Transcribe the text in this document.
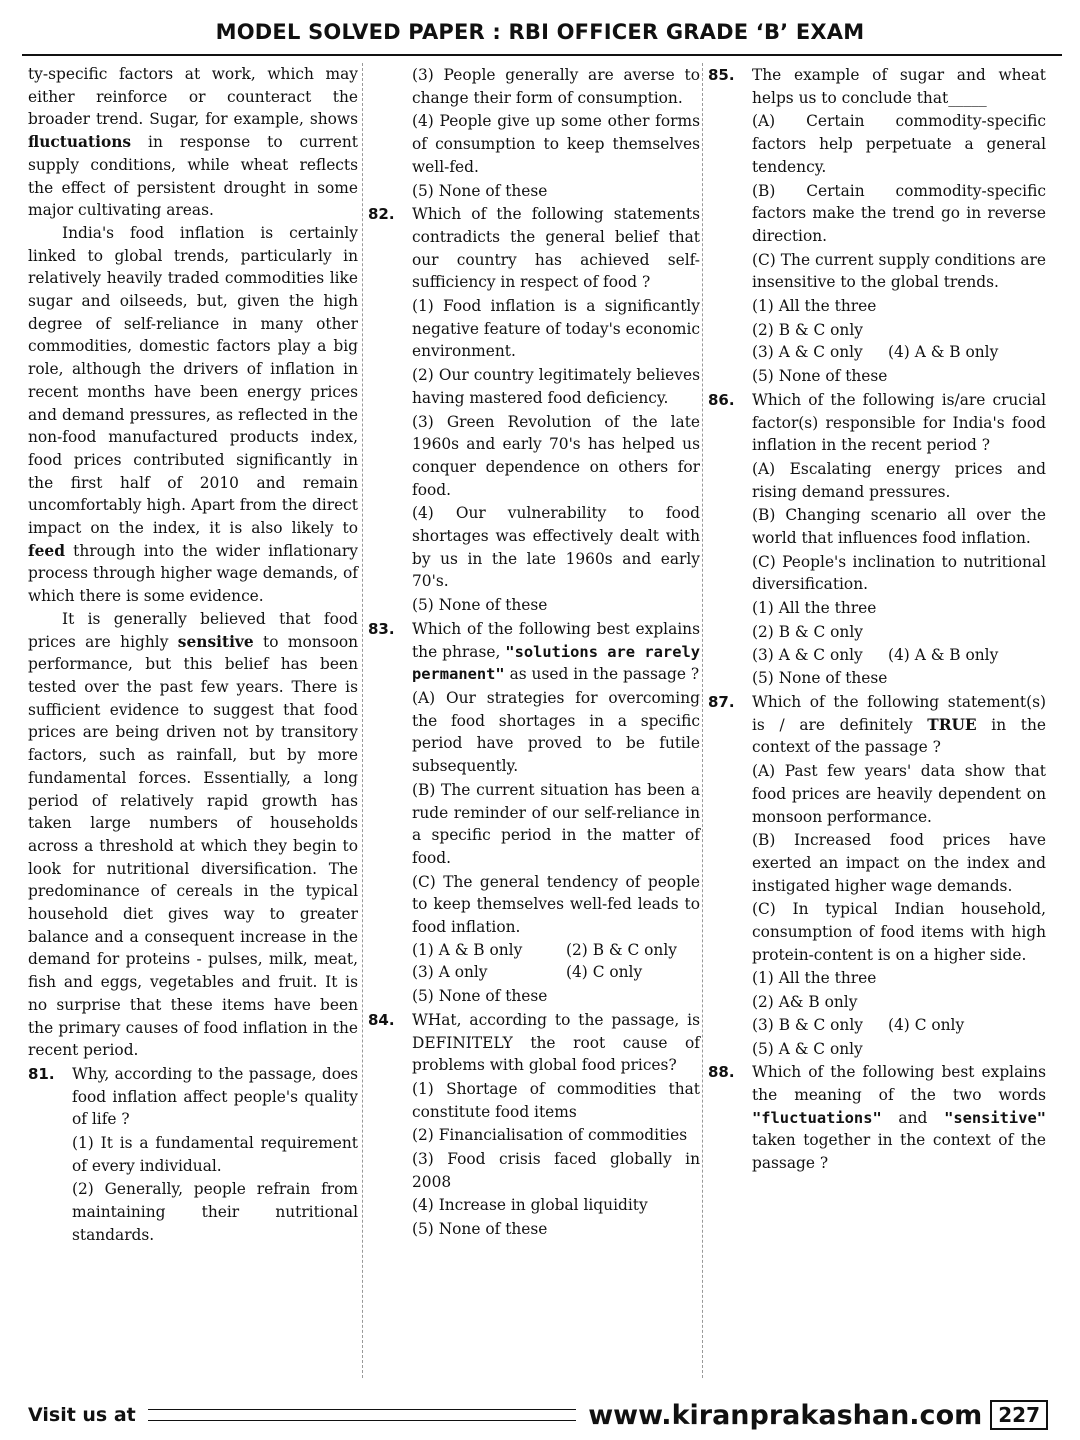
MODEL SOLVED PAPER : RBI OFFICER GRADE ‘B’ EXAM

ty-specific factors at work, which may either reinforce or counteract the broader trend. Sugar, for example, shows fluctuations in response to current supply conditions, while wheat reflects the effect of persistent drought in some major cultivating areas.

India's food inflation is certainly linked to global trends, particularly in relatively heavily traded commodities like sugar and oilseeds, but, given the high degree of self-reliance in many other commodities, domestic factors play a big role, although the drivers of inflation in recent months have been energy prices and demand pressures, as reflected in the non-food manufactured products index, food prices contributed significantly in the first half of 2010 and remain uncomfortably high. Apart from the direct impact on the index, it is also likely to feed through into the wider inflationary process through higher wage demands, of which there is some evidence.

It is generally believed that food prices are highly sensitive to monsoon performance, but this belief has been tested over the past few years. There is sufficient evidence to suggest that food prices are being driven not by transitory factors, such as rainfall, but by more fundamental forces. Essentially, a long period of relatively rapid growth has taken large numbers of households across a threshold at which they begin to look for nutritional diversification. The predominance of cereals in the typical household diet gives way to greater balance and a consequent increase in the demand for proteins - pulses, milk, meat, fish and eggs, vegetables and fruit. It is no surprise that these items have been the primary causes of food inflation in the recent period.

81.	Why, according to the passage, does food inflation affect people's quality of life ?
(1) It is a fundamental requirement of every individual.
(2) Generally, people refrain from maintaining their nutritional standards.
(3) People generally are averse to change their form of consumption.
(4) People give up some other forms of consumption to keep themselves well-fed.
(5) None of these
82.	Which of the following statements contradicts the general belief that our country has achieved self-sufficiency in respect of food ?
(1) Food inflation is a significantly negative feature of today's economic environment.
(2) Our country legitimately believes having mastered food deficiency.
(3) Green Revolution of the late 1960s and early 70's has helped us conquer dependence on others for food.
(4) Our vulnerability to food shortages was effectively dealt with by us in the late 1960s and early 70's.
(5) None of these
83.	Which of the following best explains the phrase, "solutions are rarely permanent" as used in the passage ?
(A) Our strategies for overcoming the food shortages in a specific period have proved to be futile subsequently.
(B) The current situation has been a rude reminder of our self-reliance in a specific period in the matter of food.
(C) The general tendency of people to keep themselves well-fed leads to food inflation.
(1) A & B only	(2) B & C only
(3) A only	(4) C only
(5) None of these
84.	WHat, according to the passage, is DEFINITELY the root cause of problems with global food prices?
(1) Shortage of commodities that constitute food items
(2) Financialisation of commodities
(3) Food crisis faced globally in 2008
(4) Increase in global liquidity
(5) None of these
85.	The example of sugar and wheat helps us to conclude that_____
(A) Certain commodity-specific factors help perpetuate a general tendency.
(B) Certain commodity-specific factors make the trend go in reverse direction.
(C) The current supply conditions are insensitive to the global trends.
(1) All the three
(2) B & C only
(3) A & C only	(4) A & B only
(5) None of these
86.	Which of the following is/are crucial factor(s) responsible for India's food inflation in the recent period ?
(A) Escalating energy prices and rising demand pressures.
(B) Changing scenario all over the world that influences food inflation.
(C) People's inclination to nutritional diversification.
(1) All the three
(2) B & C only
(3) A & C only	(4) A & B only
(5) None of these
87.	Which of the following statement(s) is / are definitely TRUE in the context of the passage ?
(A) Past few years' data show that food prices are heavily dependent on monsoon performance.
(B) Increased food prices have exerted an impact on the index and instigated higher wage demands.
(C) In typical Indian household, consumption of food items with high protein-content is on a higher side.
(1) All the three
(2) A& B only
(3) B & C only	(4) C only
(5) A & C only
88.	Which of the following best explains the meaning of the two words "fluctuations" and "sensitive" taken together in the context of the passage ?
Visit us at	www.kiranprakashan.com 227
